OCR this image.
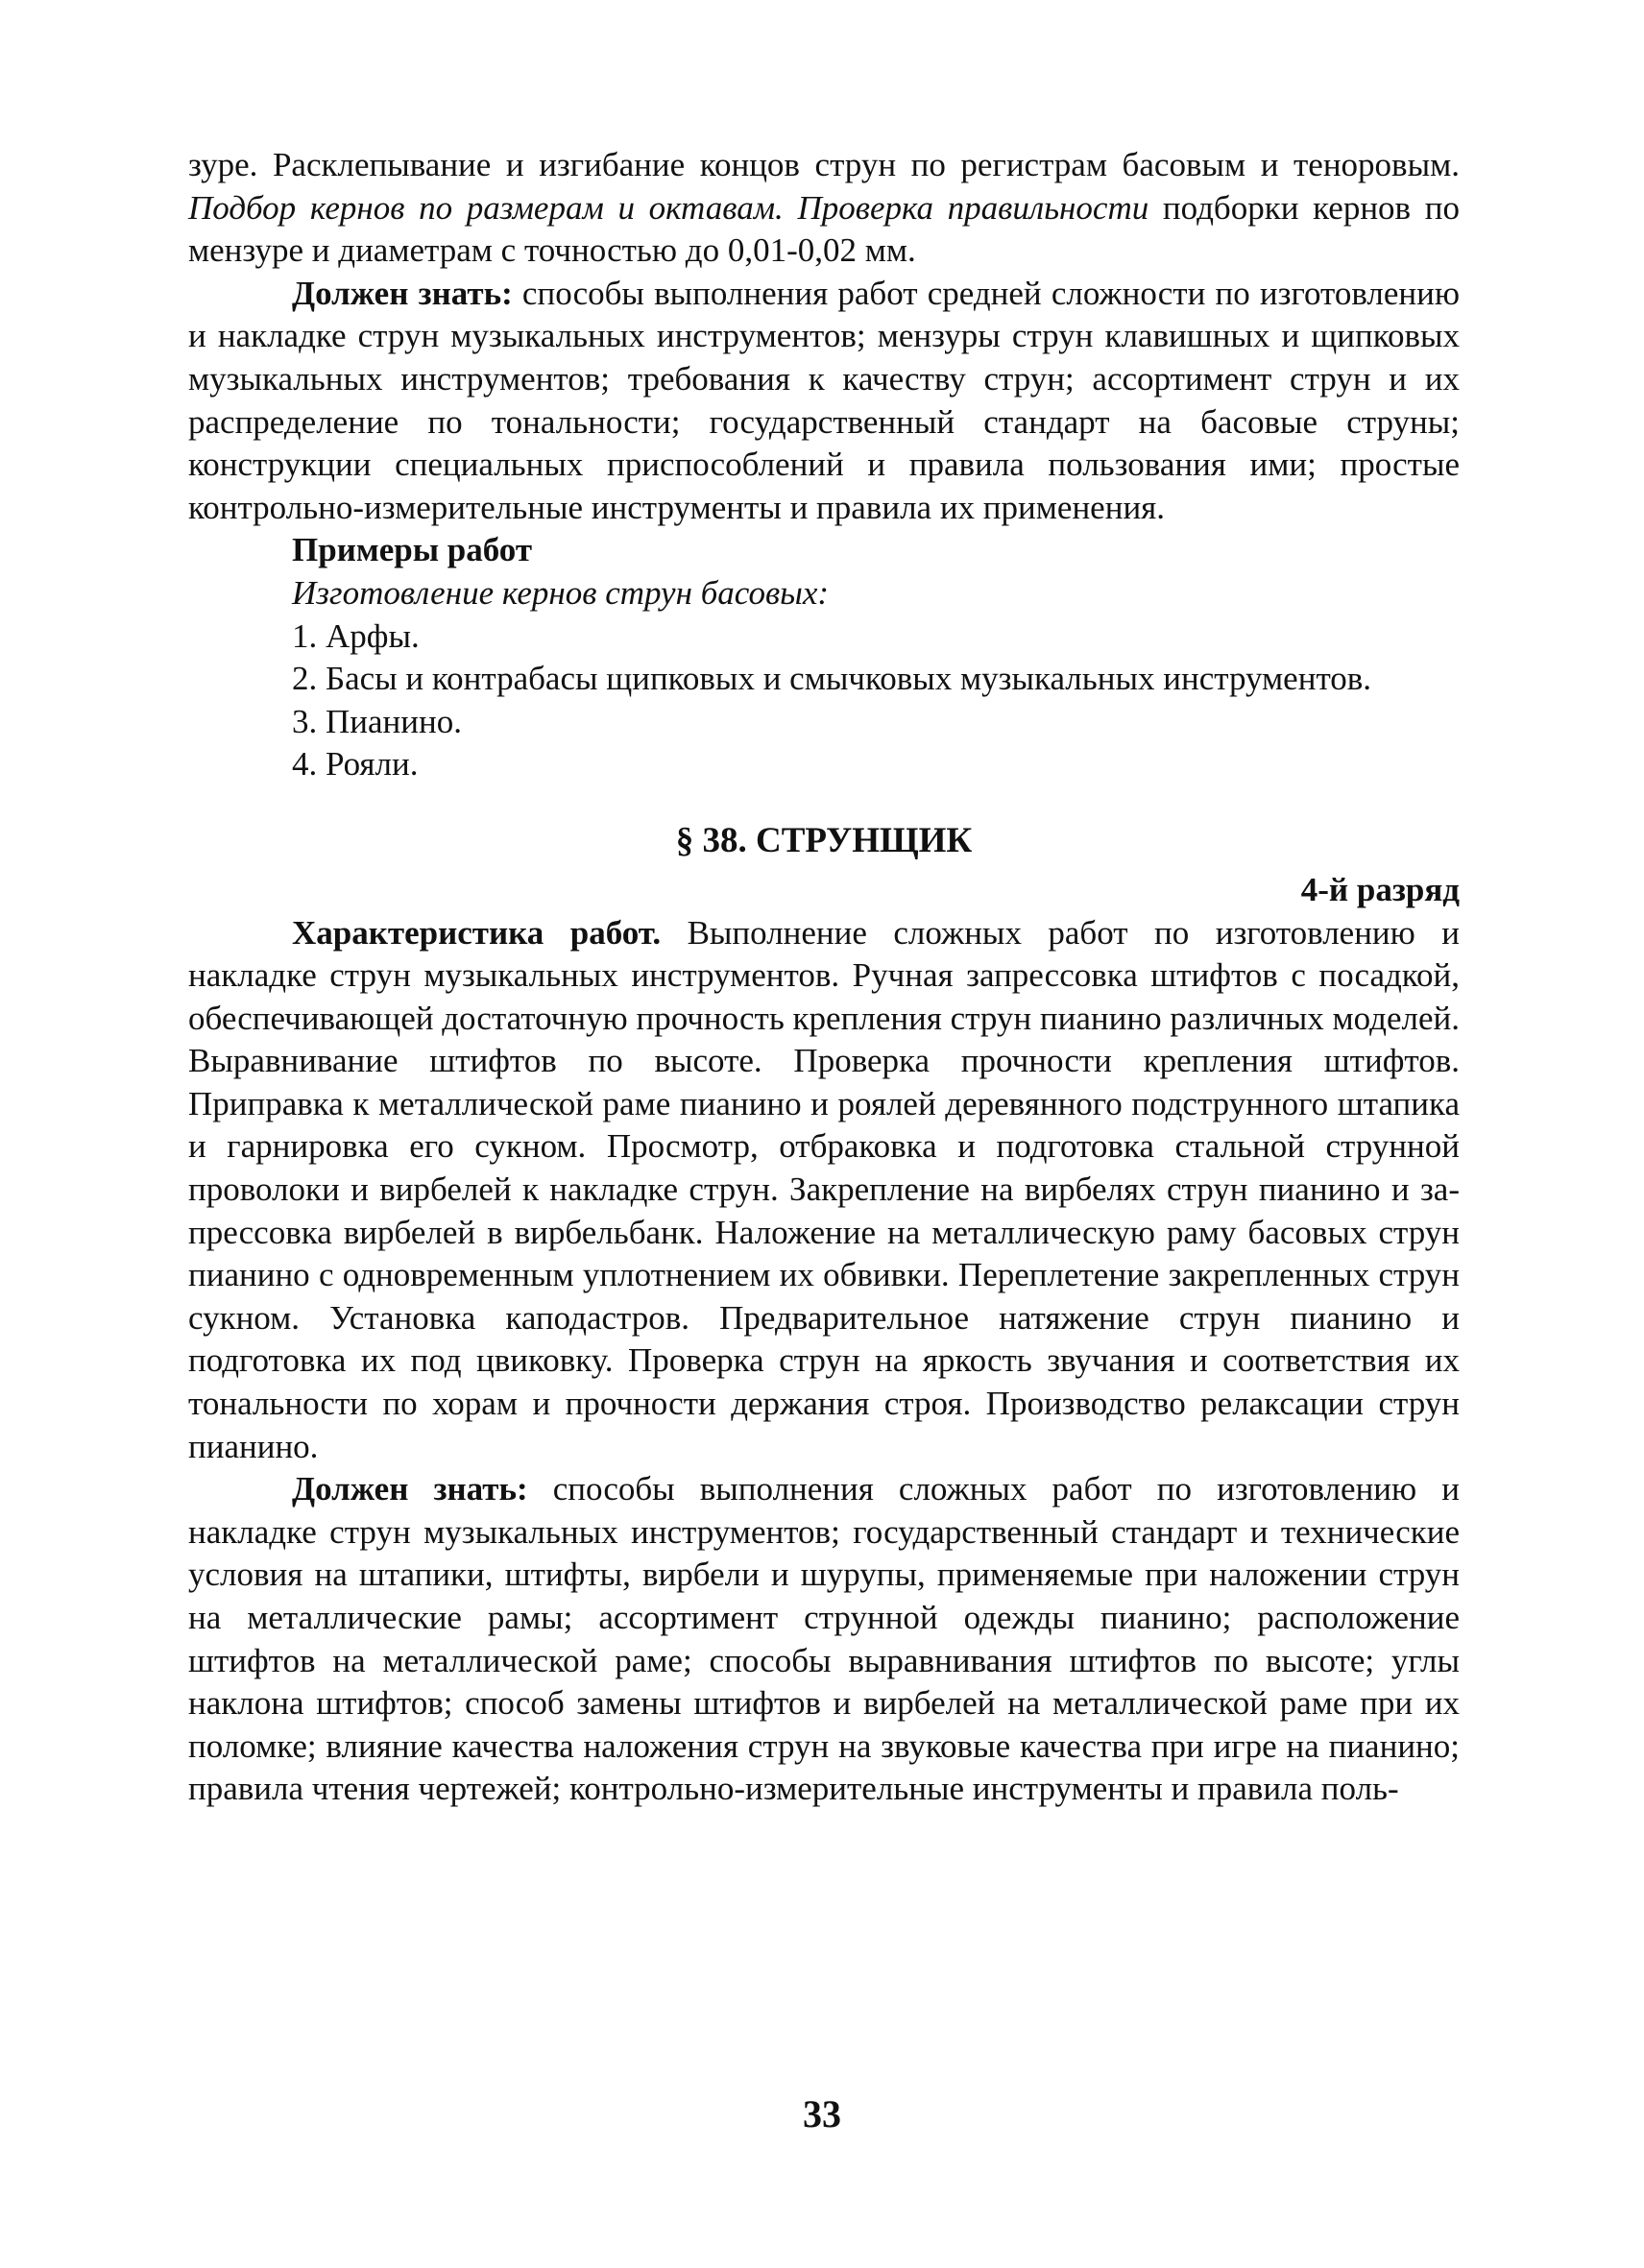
зуре. Расклепывание и изгибание концов струн по регистрам басовым и теноровым. Подбор кернов по размерам и октавам. Проверка правильности подборки кернов по мензуре и диаметрам с точностью до 0,01-0,02 мм.

Должен знать: способы выполнения работ средней сложности по изготовлению и накладке струн музыкальных инструментов; мензуры струн клавишных и щипковых музыкальных инструментов; требования к качеству струн; ассортимент струн и их распределение по тональности; государственный стандарт на басовые струны; конструкции специальных приспособлений и правила пользования ими; простые контрольно-измерительные инструменты и правила их применения.

Примеры работ

Изготовление кернов струн басовых:

1. Арфы.

2. Басы и контрабасы щипковых и смычковых музыкальных инструментов.

3. Пианино.

4. Рояли.

§ 38. СТРУНЩИК

4-й разряд

Характеристика работ. Выполнение сложных работ по изготовлению и накладке струн музыкальных инструментов. Ручная запрессовка штифтов с посадкой, обеспечивающей достаточную прочность крепления струн пианино различных моделей. Выравнивание штифтов по высоте. Проверка прочности крепления штифтов. Приправка к металлической раме пианино и роялей деревянного подструнного штапика и гарнировка его сукном. Просмотр, отбраковка и подготовка стальной струнной проволоки и вирбелей к накладке струн. Закрепление на вирбелях струн пианино и запрессовка вирбелей в вирбельбанк. Наложение на металлическую раму басовых струн пианино с одновременным уплотнением их обвивки. Переплетение закрепленных струн сукном. Установка каподастров. Предварительное натяжение струн пианино и подготовка их под цвиковку. Проверка струн на яркость звучания и соответствия их тональности по хорам и прочности держания строя. Производство релаксации струн пианино.

Должен знать: способы выполнения сложных работ по изготовлению и накладке струн музыкальных инструментов; государственный стандарт и технические условия на штапики, штифты, вирбели и шурупы, применяемые при наложении струн на металлические рамы; ассортимент струнной одежды пианино; расположение штифтов на металлической раме; способы выравнивания штифтов по высоте; углы наклона штифтов; способ замены штифтов и вирбелей на металлической раме при их поломке; влияние качества наложения струн на звуковые качества при игре на пианино; правила чтения чертежей; контрольно-измерительные инструменты и правила поль-

33
